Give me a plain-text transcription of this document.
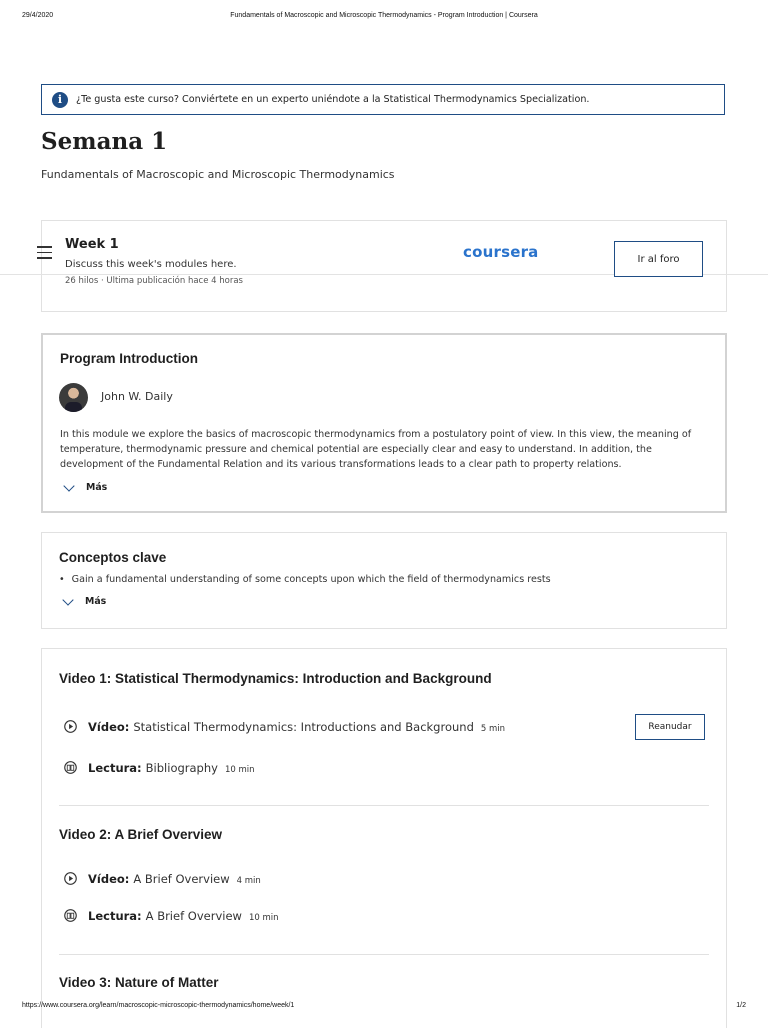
29/4/2020	Fundamentals of Macroscopic and Microscopic Thermodynamics - Program Introduction | Coursera
i	¿Te gusta este curso? Conviértete en un experto uniéndote a la Statistical Thermodynamics Specialization.
Semana 1
Fundamentals of Macroscopic and Microscopic Thermodynamics
Week 1
Discuss this week's modules here.
26 hilos · Ultima publicación hace 4 horas
coursera	Ir al foro
Program Introduction
John W. Daily
In this module we explore the basics of macroscopic thermodynamics from a postulatory point of view. In this view, the meaning of temperature, thermodynamic pressure and chemical potential are especially clear and easy to understand. In addition, the development of the Fundamental Relation and its various transformations leads to a clear path to property relations.
Más
Conceptos clave
• Gain a fundamental understanding of some concepts upon which the field of thermodynamics rests
Más
Video 1: Statistical Thermodynamics: Introduction and Background
Vídeo: Statistical Thermodynamics: Introductions and Background 5 min	Reanudar
Lectura: Bibliography 10 min
Video 2: A Brief Overview
Vídeo: A Brief Overview 4 min
Lectura: A Brief Overview 10 min
Video 3: Nature of Matter
https://www.coursera.org/learn/macroscopic-microscopic-thermodynamics/home/week/1	1/2
